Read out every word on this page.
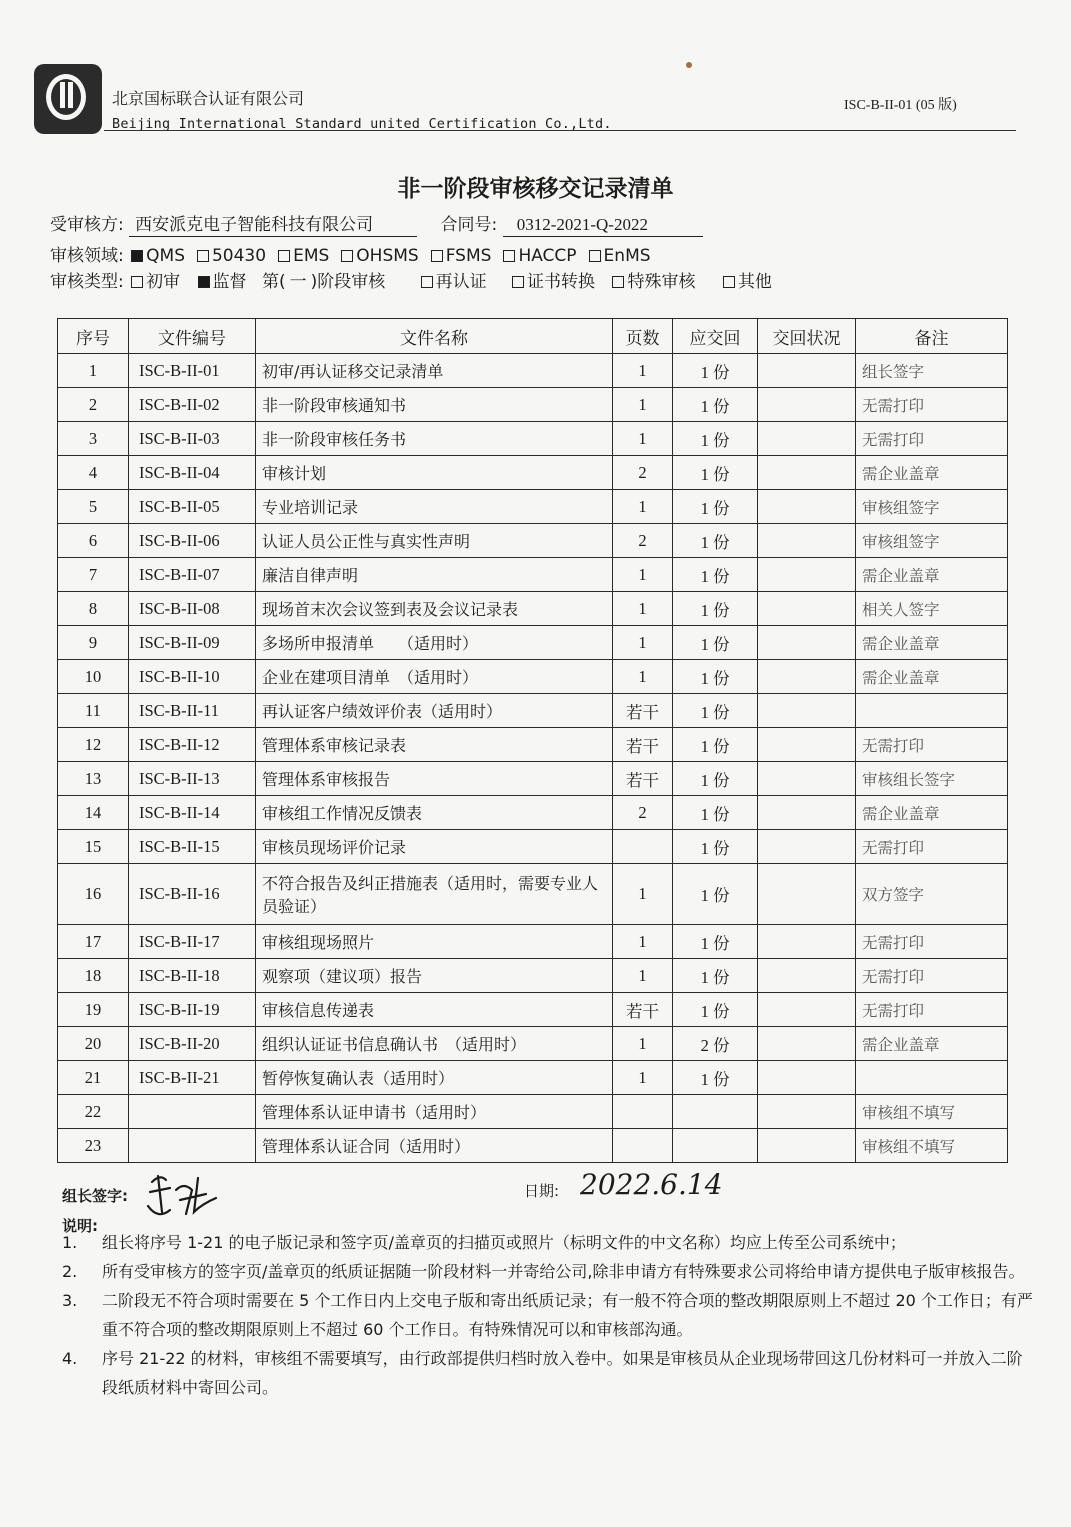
北京国标联合认证有限公司
Beijing International Standard united Certification Co.,Ltd.
ISC-B-II-01 (05 版)
非一阶段审核移交记录清单
受审核方: 西安派克电子智能科技有限公司	合同号: 0312-2021-Q-2022
审核领域: QMS 50430 EMS OHSMS FSMS HACCP EnMS
审核类型: 初审 监督 第( 一 )阶段审核	再认证 证书转换 特殊审核 其他
序号	文件编号	文件名称	页数	应交回	交回状况	备注
1	ISC-B-II-01	初审/再认证移交记录清单	1	1 份		组长签字
2	ISC-B-II-02	非一阶段审核通知书	1	1 份		无需打印
3	ISC-B-II-03	非一阶段审核任务书	1	1 份		无需打印
4	ISC-B-II-04	审核计划	2	1 份		需企业盖章
5	ISC-B-II-05	专业培训记录	1	1 份		审核组签字
6	ISC-B-II-06	认证人员公正性与真实性声明	2	1 份		审核组签字
7	ISC-B-II-07	廉洁自律声明	1	1 份		需企业盖章
8	ISC-B-II-08	现场首末次会议签到表及会议记录表	1	1 份		相关人签字
9	ISC-B-II-09	多场所申报清单　　（适用时）	1	1 份		需企业盖章
10	ISC-B-II-10	企业在建项目清单　（适用时）	1	1 份		需企业盖章
11	ISC-B-II-11	再认证客户绩效评价表（适用时）	若干	1 份		
12	ISC-B-II-12	管理体系审核记录表	若干	1 份		无需打印
13	ISC-B-II-13	管理体系审核报告	若干	1 份		审核组长签字
14	ISC-B-II-14	审核组工作情况反馈表	2	1 份		需企业盖章
15	ISC-B-II-15	审核员现场评价记录		1 份		无需打印
16	ISC-B-II-16	不符合报告及纠正措施表（适用时，需要专业人员验证）	1	1 份		双方签字
17	ISC-B-II-17	审核组现场照片	1	1 份		无需打印
18	ISC-B-II-18	观察项（建议项）报告	1	1 份		无需打印
19	ISC-B-II-19	审核信息传递表	若干	1 份		无需打印
20	ISC-B-II-20	组织认证证书信息确认书　（适用时）	1	2 份		需企业盖章
21	ISC-B-II-21	暂停恢复确认表（适用时）	1	1 份		
22		管理体系认证申请书（适用时）				审核组不填写
23		管理体系认证合同（适用时）				审核组不填写
组长签字:	日期: 2022.6.14
说明:
1. 组长将序号 1-21 的电子版记录和签字页/盖章页的扫描页或照片（标明文件的中文名称）均应上传至公司系统中；
2. 所有受审核方的签字页/盖章页的纸质证据随一阶段材料一并寄给公司,除非申请方有特殊要求公司将给申请方提供电子版审核报告。
3. 二阶段无不符合项时需要在 5 个工作日内上交电子版和寄出纸质记录；有一般不符合项的整改期限原则上不超过 20 个工作日；有严重不符合项的整改期限原则上不超过 60 个工作日。有特殊情况可以和审核部沟通。
4. 序号 21-22 的材料，审核组不需要填写，由行政部提供归档时放入卷中。如果是审核员从企业现场带回这几份材料可一并放入二阶段纸质材料中寄回公司。
